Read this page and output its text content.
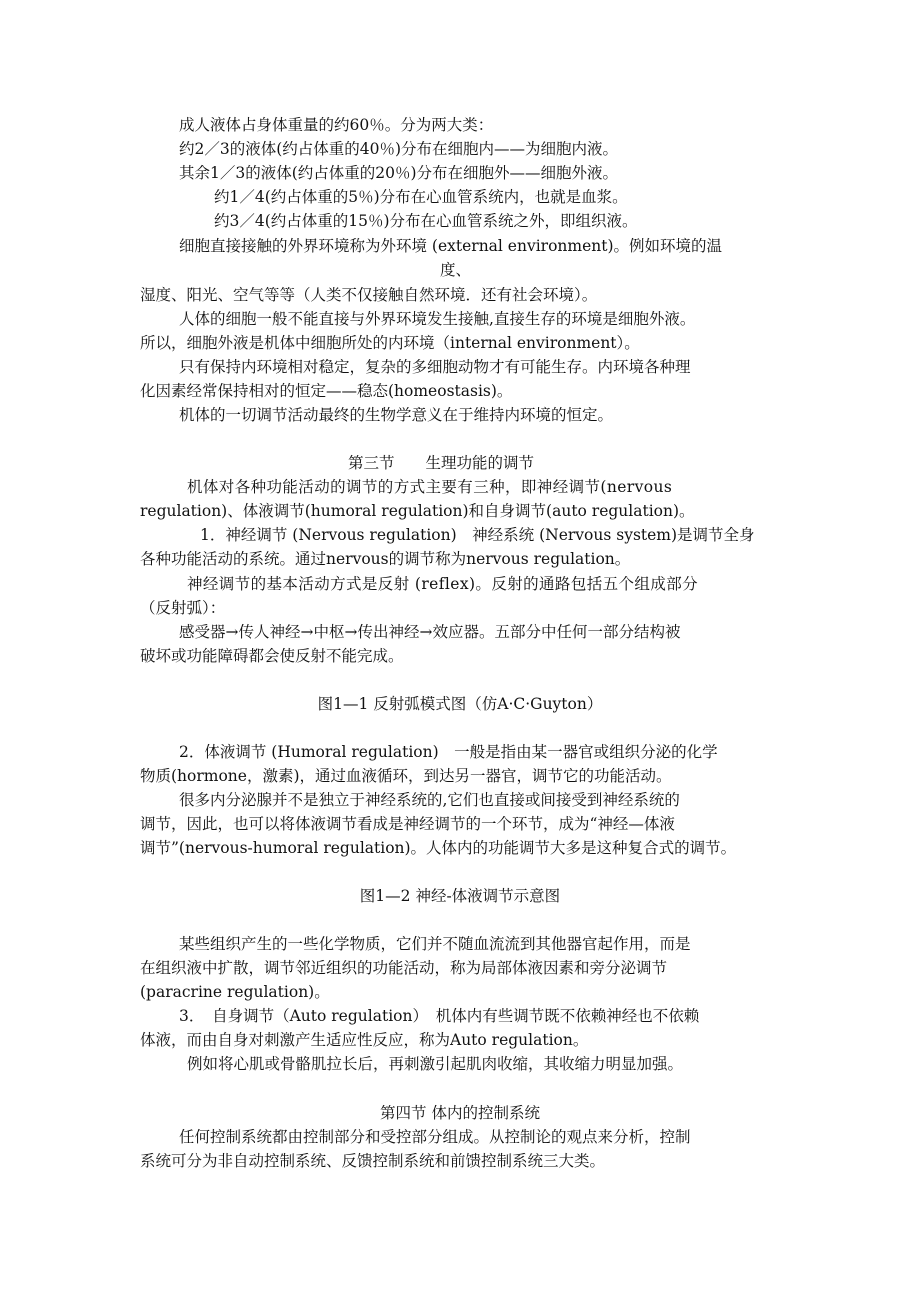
成人液体占身体重量的约60％。分为两大类：
约2／3的液体(约占体重的40％)分布在细胞内——为细胞内液。
其余1／3的液体(约占体重的20％)分布在细胞外——细胞外液。
约1／4(约占体重的5％)分布在心血管系统内，也就是血浆。
约3／4(约占体重的15％)分布在心血管系统之外，即组织液。
细胞直接接触的外界环境称为外环境 (external environment)。例如环境的温
度、
湿度、阳光、空气等等（人类不仅接触自然环境．还有社会环境）。
人体的细胞一般不能直接与外界环境发生接触,直接生存的环境是细胞外液。
所以，细胞外液是机体中细胞所处的内环境（internal environment）。
只有保持内环境相对稳定，复杂的多细胞动物才有可能生存。内环境各种理
化因素经常保持相对的恒定——稳态(homeostasis)。
机体的一切调节活动最终的生物学意义在于维持内环境的恒定。
第三节　　生理功能的调节
机体对各种功能活动的调节的方式主要有三种，即神经调节(nervous
regulation)、体液调节(humoral regulation)和自身调节(auto regulation)。
1．神经调节 (Nervous regulation)　神经系统 (Nervous system)是调节全身
各种功能活动的系统。通过nervous的调节称为nervous regulation。
神经调节的基本活动方式是反射 (reflex)。反射的通路包括五个组成部分
（反射弧）：
感受器→传人神经→中枢→传出神经→效应器。五部分中任何一部分结构被
破坏或功能障碍都会使反射不能完成。
图1—1 反射弧模式图（仿A·C·Guyton）
2．体液调节 (Humoral regulation)　一般是指由某一器官或组织分泌的化学
物质(hormone，激素)，通过血液循环，到达另一器官，调节它的功能活动。
很多内分泌腺并不是独立于神经系统的,它们也直接或间接受到神经系统的
调节，因此，也可以将体液调节看成是神经调节的一个环节，成为“神经—体液
调节”(nervous-humoral regulation)。人体内的功能调节大多是这种复合式的调节。
图1—2 神经-体液调节示意图
某些组织产生的一些化学物质，它们并不随血流流到其他器官起作用，而是
在组织液中扩散，调节邻近组织的功能活动，称为局部体液因素和旁分泌调节
(paracrine regulation)。
3．　自身调节（Auto regulation）　机体内有些调节既不依赖神经也不依赖
体液，而由自身对刺激产生适应性反应，称为Auto regulation。
例如将心肌或骨骼肌拉长后，再刺激引起肌肉收缩，其收缩力明显加强。
第四节 体内的控制系统
任何控制系统都由控制部分和受控部分组成。从控制论的观点来分析，控制
系统可分为非自动控制系统、反馈控制系统和前馈控制系统三大类。
